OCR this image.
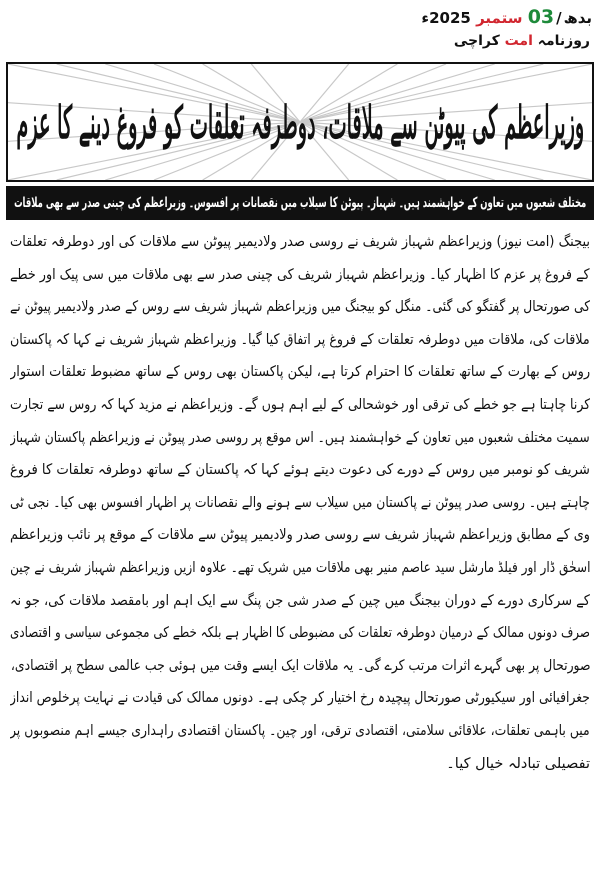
بدھ/03 ستمبر 2025ء
روزنامہ امت کراچی
وزیراعظم کی پیوٹن سے ملاقات، دوطرفہ تعلقات کو فروغ دینے کا عزم
مختلف شعبوں میں تعاون کے خواہشمند ہیں۔ شہباز۔ پیوٹن کا سیلاب میں نقصانات پر افسوس۔ وزیراعظم کی چینی صدر سے بھی ملاقات
بیجنگ (امت نیوز) وزیراعظم شہباز شریف نے روسی صدر ولادیمیر پیوٹن سے ملاقات کی اور دوطرفہ تعلقات
کے فروغ پر عزم کا اظہار کیا۔ وزیراعظم شہباز شریف کی چینی صدر سے بھی ملاقات میں سی پیک اور خطے
کی صورتحال پر گفتگو کی گئی۔ منگل کو بیجنگ میں وزیراعظم شہباز شریف سے روس کے صدر ولادیمیر پیوٹن نے
ملاقات کی، ملاقات میں دوطرفہ تعلقات کے فروغ پر اتفاق کیا گیا۔ وزیراعظم شہباز شریف نے کہا کہ پاکستان
روس کے بھارت کے ساتھ تعلقات کا احترام کرتا ہے، لیکن پاکستان بھی روس کے ساتھ مضبوط تعلقات استوار
کرنا چاہتا ہے جو خطے کی ترقی اور خوشحالی کے لیے اہم ہوں گے۔ وزیراعظم نے مزید کہا کہ روس سے تجارت
سمیت مختلف شعبوں میں تعاون کے خواہشمند ہیں۔ اس موقع پر روسی صدر پیوٹن نے وزیراعظم پاکستان شہباز
شریف کو نومبر میں روس کے دورے کی دعوت دیتے ہوئے کہا کہ پاکستان کے ساتھ دوطرفہ تعلقات کا فروغ
چاہتے ہیں۔ روسی صدر پیوٹن نے پاکستان میں سیلاب سے ہونے والے نقصانات پر اظہار افسوس بھی کیا۔ نجی ٹی
وی کے مطابق وزیراعظم شہباز شریف سے روسی صدر ولادیمیر پیوٹن سے ملاقات کے موقع پر نائب وزیراعظم
اسحٰق ڈار اور فیلڈ مارشل سید عاصم منیر بھی ملاقات میں شریک تھے۔ علاوہ ازیں وزیراعظم شہباز شریف نے چین
کے سرکاری دورے کے دوران بیجنگ میں چین کے صدر شی جن پنگ سے ایک اہم اور بامقصد ملاقات کی، جو نہ
صرف دونوں ممالک کے درمیان دوطرفہ تعلقات کی مضبوطی کا اظہار ہے بلکہ خطے کی مجموعی سیاسی و اقتصادی
صورتحال پر بھی گہرے اثرات مرتب کرے گی۔ یہ ملاقات ایک ایسے وقت میں ہوئی جب عالمی سطح پر اقتصادی،
جغرافیائی اور سیکیورٹی صورتحال پیچیدہ رخ اختیار کر چکی ہے۔ دونوں ممالک کی قیادت نے نہایت پرخلوص انداز
میں باہمی تعلقات، علاقائی سلامتی، اقتصادی ترقی، اور چین۔ پاکستان اقتصادی راہداری جیسے اہم منصوبوں پر
تفصیلی تبادلہ خیال کیا۔
